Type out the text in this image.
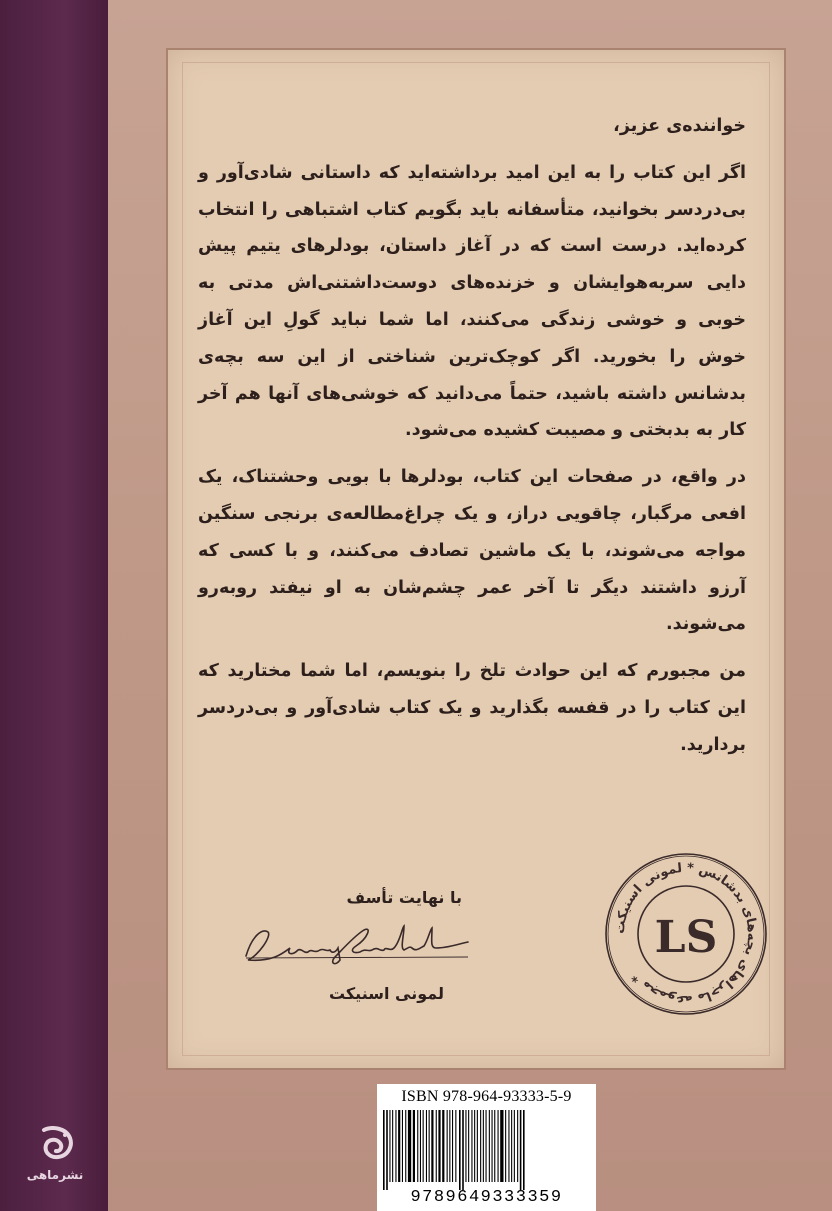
نشرماهی

خواننده‌ی عزیز،

اگر این کتاب را به این امید برداشته‌اید که داستانی شادی‌آور و بی‌دردسر بخوانید، متأسفانه باید بگویم کتاب اشتباهی را انتخاب کرده‌اید. درست است که در آغاز داستان، بودلرهای یتیم پیش دایی سربه‌هوایشان و خزنده‌های دوست‌داشتنی‌اش مدتی به خوبی و خوشی زندگی می‌کنند، اما شما نباید گولِ این آغاز خوش را بخورید. اگر کوچک‌ترین شناختی از این سه بچه‌ی بدشانس داشته باشید، حتماً می‌دانید که خوشی‌های آنها هم آخر کار به بدبختی و مصیبت کشیده می‌شود.

در واقع، در صفحات این کتاب، بودلرها با بویی وحشتناک، یک افعی مرگبار، چاقویی دراز، و یک چراغ‌مطالعه‌ی برنجی سنگین مواجه می‌شوند، با یک ماشین تصادف می‌کنند، و با کسی که آرزو داشتند دیگر تا آخر عمر چشم‌شان به او نیفتد روبه‌رو می‌شوند.

من مجبورم که این حوادث تلخ را بنویسم، اما شما مختارید که این کتاب را در قفسه بگذارید و یک کتاب شادی‌آور و بی‌دردسر بردارید.

با نهایت تأسف
لمونی اسنیکت
مجموعه ماجراهای بچه‌های بدشانس * لمونی اسنیکت *
LS
ISBN 978-964-93333-5-9
9789649333359
